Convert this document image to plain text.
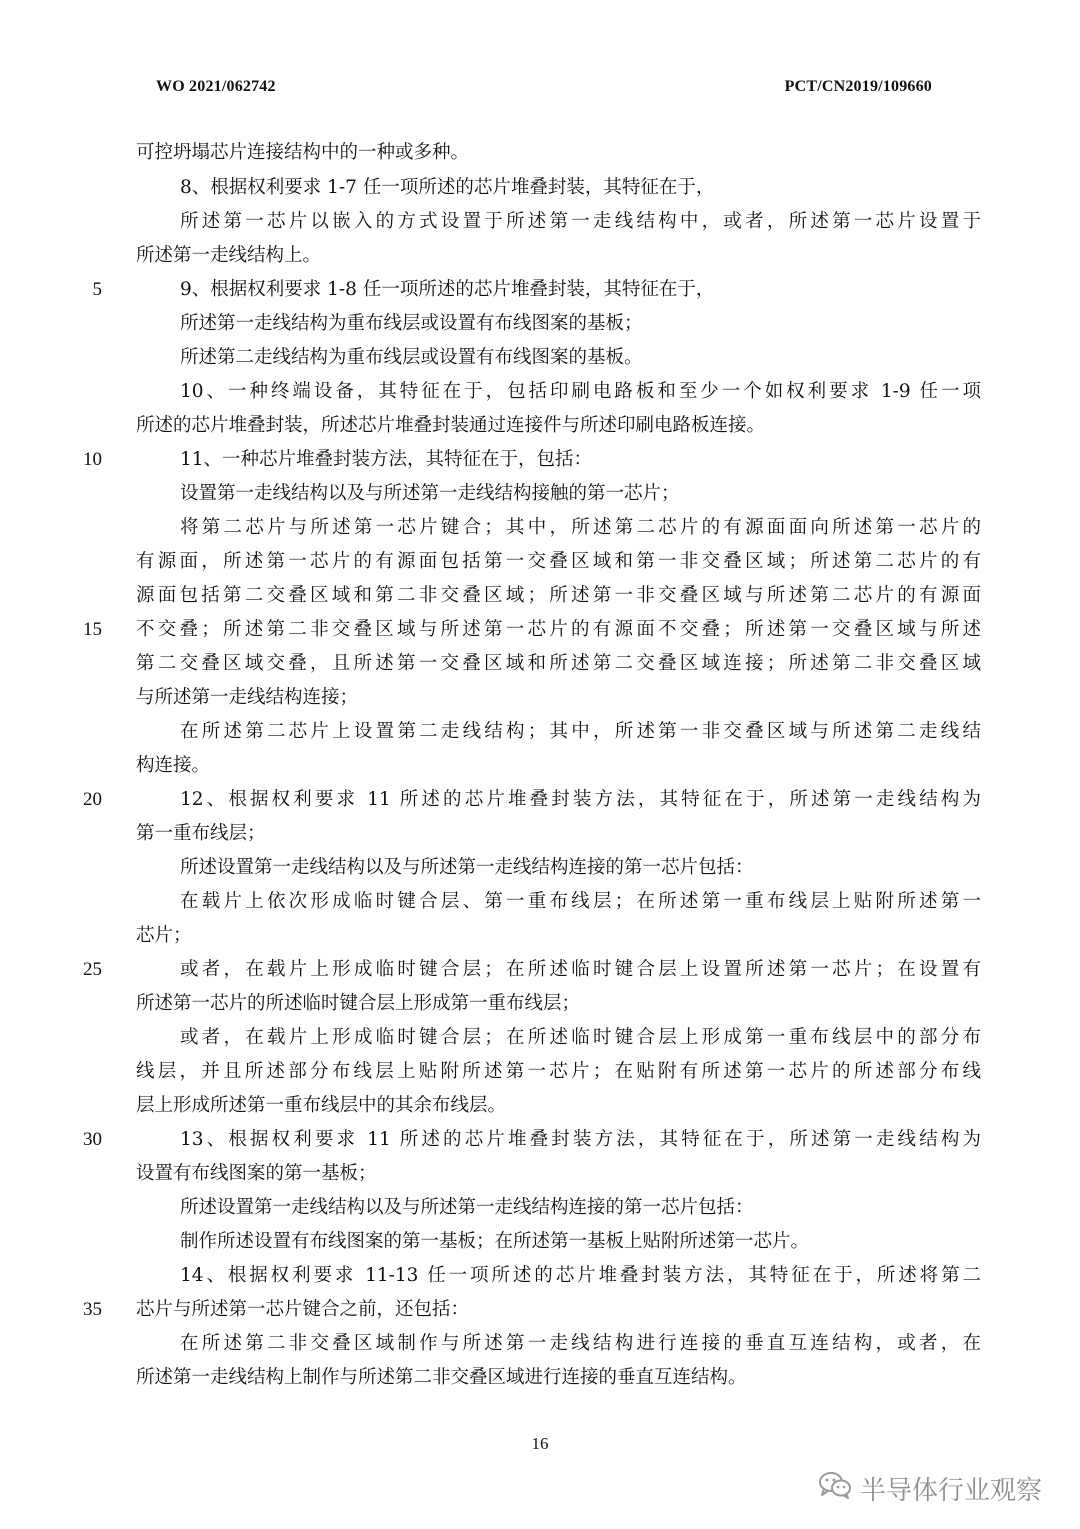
WO 2021/062742	PCT/CN2019/109660
可控坍塌芯片连接结构中的一种或多种。
8、根据权利要求 1-7 任一项所述的芯片堆叠封装，其特征在于，
所述第一芯片以嵌入的方式设置于所述第一走线结构中，或者，所述第一芯片设置于
所述第一走线结构上。
9、根据权利要求 1-8 任一项所述的芯片堆叠封装，其特征在于，
所述第一走线结构为重布线层或设置有布线图案的基板；
所述第二走线结构为重布线层或设置有布线图案的基板。
10、一种终端设备，其特征在于，包括印刷电路板和至少一个如权利要求 1-9 任一项
所述的芯片堆叠封装，所述芯片堆叠封装通过连接件与所述印刷电路板连接。
11、一种芯片堆叠封装方法，其特征在于，包括：
设置第一走线结构以及与所述第一走线结构接触的第一芯片；
将第二芯片与所述第一芯片键合；其中，所述第二芯片的有源面面向所述第一芯片的
有源面，所述第一芯片的有源面包括第一交叠区域和第一非交叠区域；所述第二芯片的有
源面包括第二交叠区域和第二非交叠区域；所述第一非交叠区域与所述第二芯片的有源面
不交叠；所述第二非交叠区域与所述第一芯片的有源面不交叠；所述第一交叠区域与所述
第二交叠区域交叠，且所述第一交叠区域和所述第二交叠区域连接；所述第二非交叠区域
与所述第一走线结构连接；
在所述第二芯片上设置第二走线结构；其中，所述第一非交叠区域与所述第二走线结
构连接。
12、根据权利要求 11 所述的芯片堆叠封装方法，其特征在于，所述第一走线结构为
第一重布线层；
所述设置第一走线结构以及与所述第一走线结构连接的第一芯片包括：
在载片上依次形成临时键合层、第一重布线层；在所述第一重布线层上贴附所述第一
芯片；
或者，在载片上形成临时键合层；在所述临时键合层上设置所述第一芯片；在设置有
所述第一芯片的所述临时键合层上形成第一重布线层；
或者，在载片上形成临时键合层；在所述临时键合层上形成第一重布线层中的部分布
线层，并且所述部分布线层上贴附所述第一芯片；在贴附有所述第一芯片的所述部分布线
层上形成所述第一重布线层中的其余布线层。
13、根据权利要求 11 所述的芯片堆叠封装方法，其特征在于，所述第一走线结构为
设置有布线图案的第一基板；
所述设置第一走线结构以及与所述第一走线结构连接的第一芯片包括：
制作所述设置有布线图案的第一基板；在所述第一基板上贴附所述第一芯片。
14、根据权利要求 11-13 任一项所述的芯片堆叠封装方法，其特征在于，所述将第二
芯片与所述第一芯片键合之前，还包括：
在所述第二非交叠区域制作与所述第一走线结构进行连接的垂直互连结构，或者，在
所述第一走线结构上制作与所述第二非交叠区域进行连接的垂直互连结构。
5
10
15
20
25
30
35
16
半导体行业观察
